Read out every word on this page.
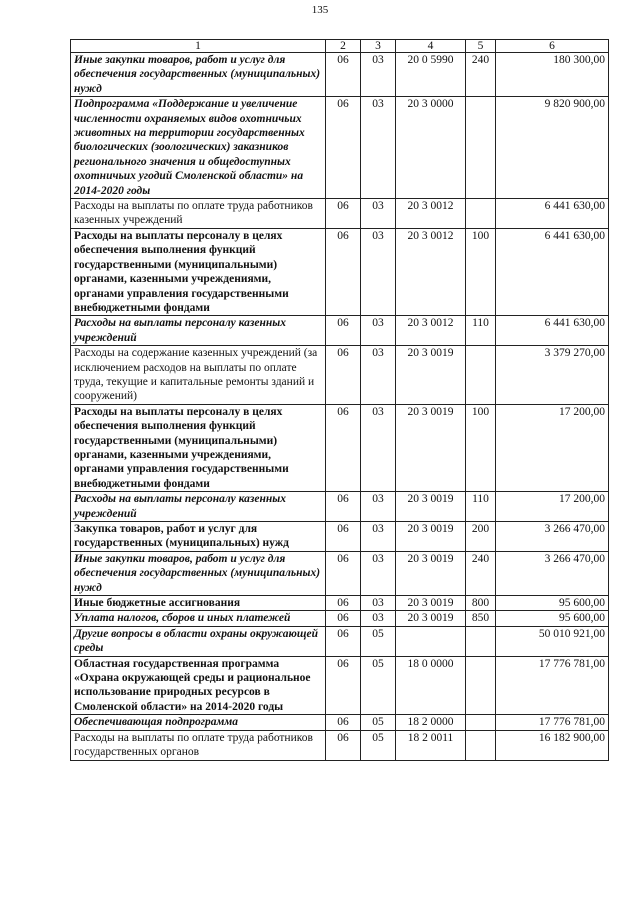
135
1	2	3	4	5	6
Иные закупки товаров, работ и услуг для обеспечения государственных (муниципальных) нужд	06	03	20 0 5990	240	180 300,00
Подпрограмма «Поддержание и увеличение численности охраняемых видов охотничьих животных на территории государственных биологических (зоологических) заказников регионального значения и общедоступных охотничьих угодий Смоленской области» на 2014-2020 годы	06	03	20 3 0000		9 820 900,00
Расходы на выплаты по оплате труда работников казенных учреждений	06	03	20 3 0012		6 441 630,00
Расходы на выплаты персоналу в целях обеспечения выполнения функций государственными (муниципальными) органами, казенными учреждениями, органами управления государственными внебюджетными фондами	06	03	20 3 0012	100	6 441 630,00
Расходы на выплаты персоналу казенных учреждений	06	03	20 3 0012	110	6 441 630,00
Расходы на содержание казенных учреждений (за исключением расходов на выплаты по оплате труда, текущие и капитальные ремонты зданий и сооружений)	06	03	20 3 0019		3 379 270,00
Расходы на выплаты персоналу в целях обеспечения выполнения функций государственными (муниципальными) органами, казенными учреждениями, органами управления государственными внебюджетными фондами	06	03	20 3 0019	100	17 200,00
Расходы на выплаты персоналу казенных учреждений	06	03	20 3 0019	110	17 200,00
Закупка товаров, работ и услуг для государственных (муниципальных) нужд	06	03	20 3 0019	200	3 266 470,00
Иные закупки товаров, работ и услуг для обеспечения государственных (муниципальных) нужд	06	03	20 3 0019	240	3 266 470,00
Иные бюджетные ассигнования	06	03	20 3 0019	800	95 600,00
Уплата налогов, сборов и иных платежей	06	03	20 3 0019	850	95 600,00
Другие вопросы в области охраны окружающей среды	06	05			50 010 921,00
Областная государственная программа «Охрана окружающей среды и рациональное использование природных ресурсов в Смоленской области» на 2014-2020 годы	06	05	18 0 0000		17 776 781,00
Обеспечивающая подпрограмма	06	05	18 2 0000		17 776 781,00
Расходы на выплаты по оплате труда работников государственных органов	06	05	18 2 0011		16 182 900,00
